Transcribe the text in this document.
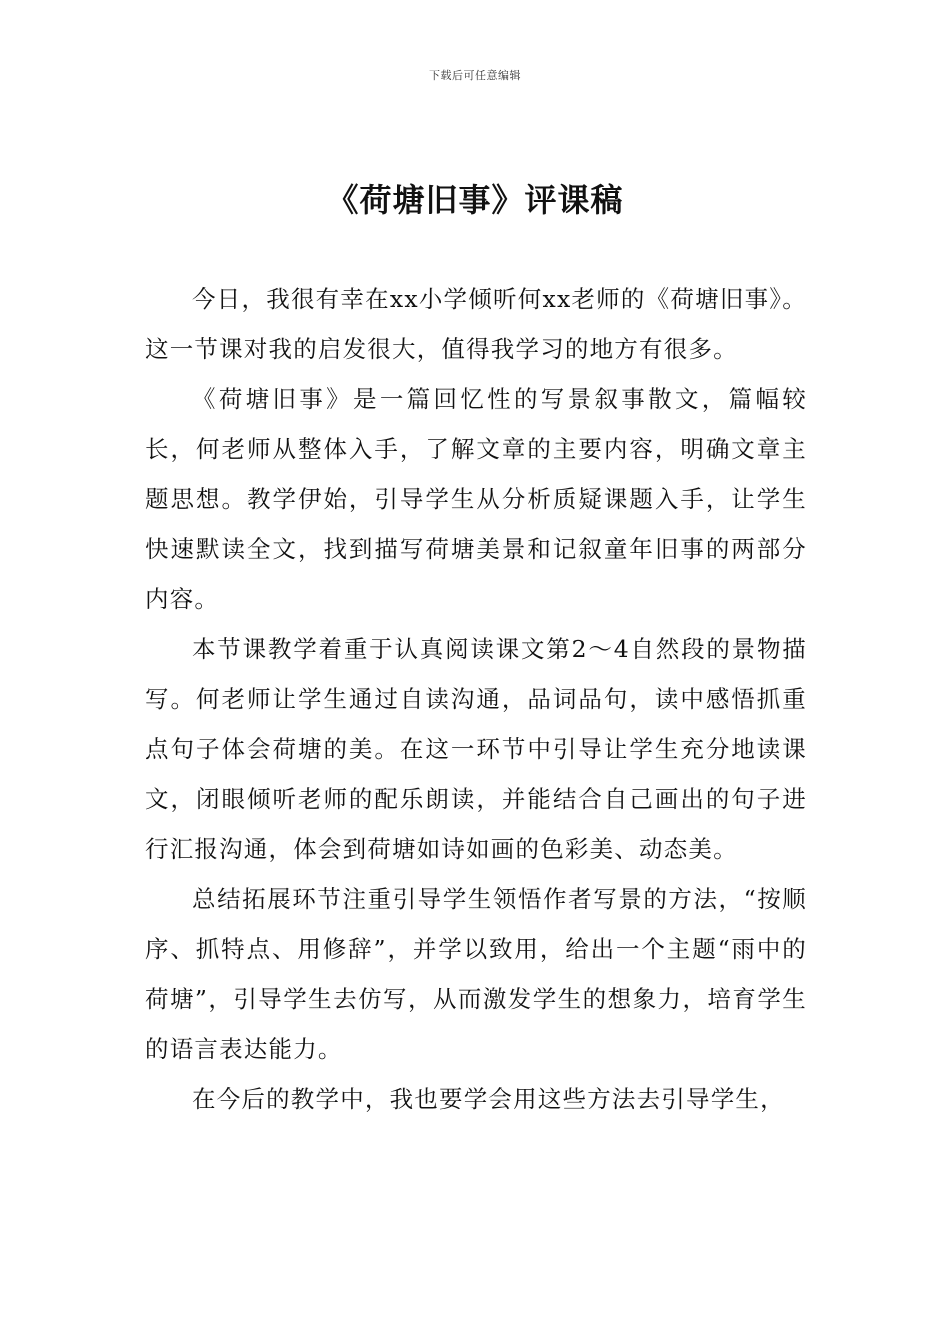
下载后可任意编辑
《荷塘旧事》评课稿

今日，我很有幸在xx小学倾听何xx老师的《荷塘旧事》。这一节课对我的启发很大，值得我学习的地方有很多。

《荷塘旧事》是一篇回忆性的写景叙事散文，篇幅较长，何老师从整体入手，了解文章的主要内容，明确文章主题思想。教学伊始，引导学生从分析质疑课题入手，让学生快速默读全文，找到描写荷塘美景和记叙童年旧事的两部分内容。

本节课教学着重于认真阅读课文第2～4自然段的景物描写。何老师让学生通过自读沟通，品词品句，读中感悟抓重点句子体会荷塘的美。在这一环节中引导让学生充分地读课文，闭眼倾听老师的配乐朗读，并能结合自己画出的句子进行汇报沟通，体会到荷塘如诗如画的色彩美、动态美。

总结拓展环节注重引导学生领悟作者写景的方法，“按顺序、抓特点、用修辞”，并学以致用，给出一个主题“雨中的荷塘”，引导学生去仿写，从而激发学生的想象力，培育学生的语言表达能力。

在今后的教学中，我也要学会用这些方法去引导学生，
